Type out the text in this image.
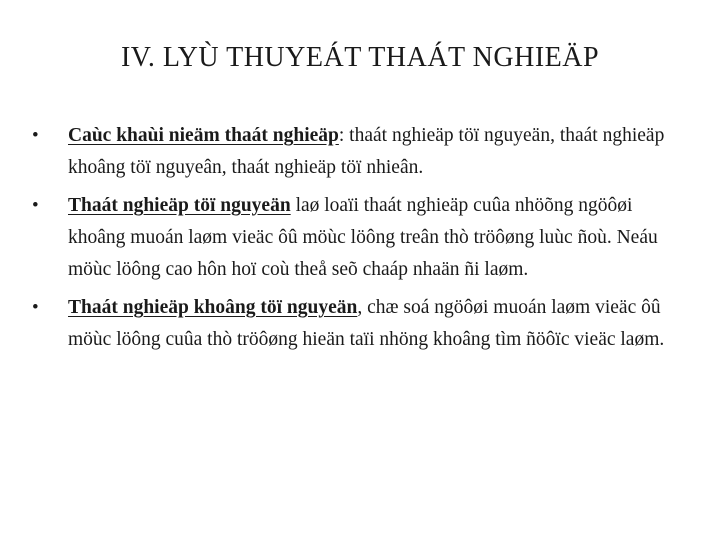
IV. LYÙ THUYEÁT THAÁT NGHIEÄP
• Caùc khaùi nieäm thaát nghieäp: thaát nghieäp töï nguyeän, thaát nghieäp khoâng töï nguyeân, thaát nghieäp töï nhieân.
• Thaát nghieäp töï nguyeän laø loaïi thaát nghieäp cuûa nhöõng ngöôøi khoâng muoán laøm vieäc ôû möùc löông treân thò tröôøng luùc ñoù. Neáu möùc löông cao hôn hoï coù theå seõ chaáp nhaän ñi laøm.
• Thaát nghieäp khoâng töï nguyeän, chæ soá ngöôøi muoán laøm vieäc ôû möùc löông cuûa thò tröôøng hieän taïi nhöng khoâng tìm ñöôïc vieäc laøm.
